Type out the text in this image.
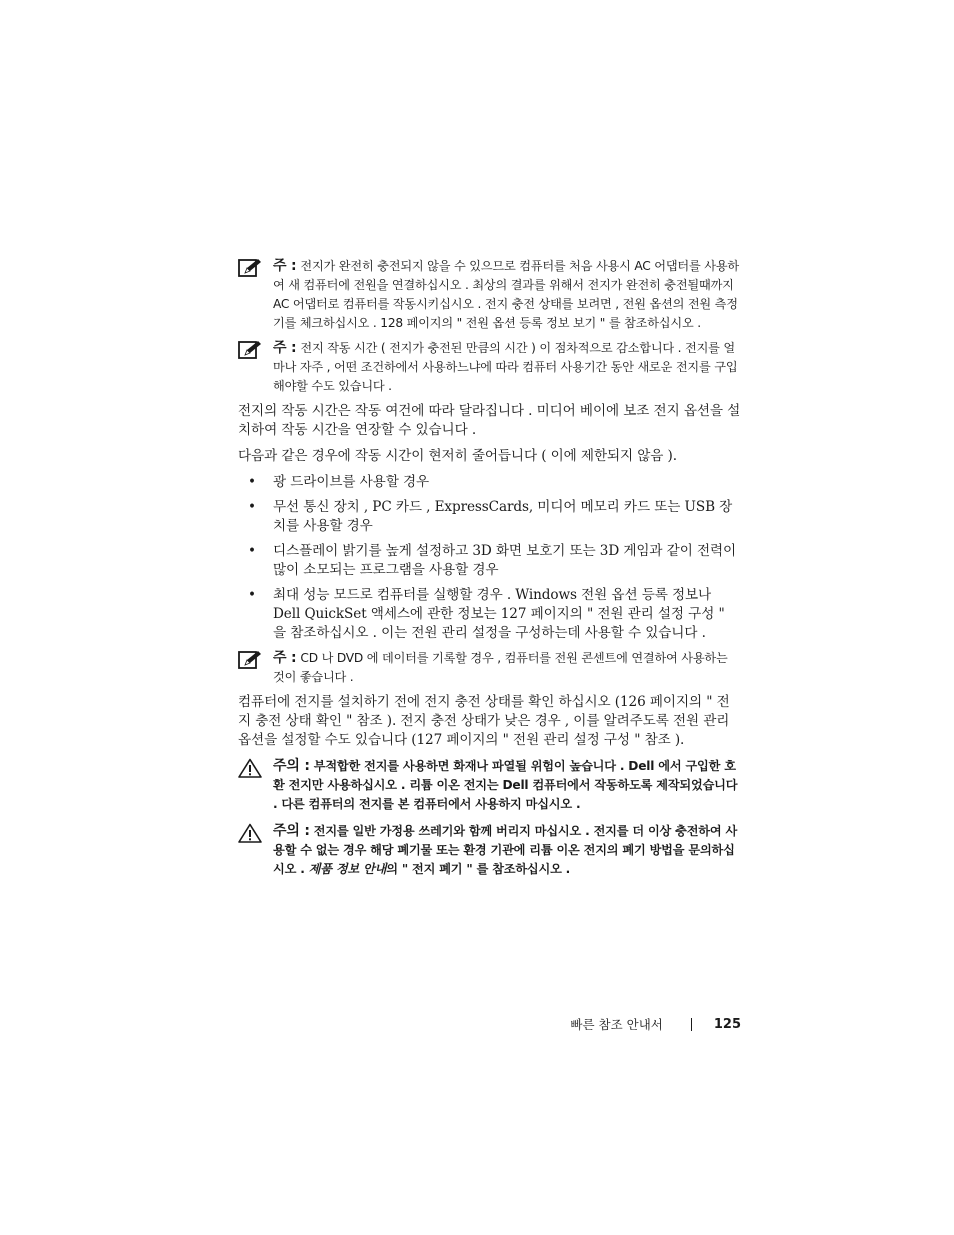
주 : 전지가 완전히 충전되지 않을 수 있으므로 컴퓨터를 처음 사용시 AC 어댑터를 사용하여 새 컴퓨터에 전원을 연결하십시오 . 최상의 결과를 위해서 전지가 완전히 충전될때까지 AC 어댑터로 컴퓨터를 작동시키십시오 . 전지 충전 상태를 보려면 , 전원 옵션의 전원 측정기를 체크하십시오 . 128 페이지의 " 전원 옵션 등록 정보 보기 " 를 참조하십시오 .

주 : 전지 작동 시간 ( 전지가 충전된 만큼의 시간 ) 이 점차적으로 감소합니다 . 전지를 얼마나 자주 , 어떤 조건하에서 사용하느냐에 따라 컴퓨터 사용기간 동안 새로운 전지를 구입해야할 수도 있습니다 .

전지의 작동 시간은 작동 여건에 따라 달라집니다 . 미디어 베이에 보조 전지 옵션을 설치하여 작동 시간을 연장할 수 있습니다 .

다음과 같은 경우에 작동 시간이 현저히 줄어듭니다 ( 이에 제한되지 않음 ).

• 광 드라이브를 사용할 경우
• 무선 통신 장치 , PC 카드 , ExpressCards, 미디어 메모리 카드 또는 USB 장치를 사용할 경우
• 디스플레이 밝기를 높게 설정하고 3D 화면 보호기 또는 3D 게임과 같이 전력이 많이 소모되는 프로그램을 사용할 경우
• 최대 성능 모드로 컴퓨터를 실행할 경우 . Windows 전원 옵션 등록 정보나 Dell QuickSet 액세스에 관한 정보는 127 페이지의 " 전원 관리 설정 구성 " 을 참조하십시오 . 이는 전원 관리 설정을 구성하는데 사용할 수 있습니다 .

주 : CD 나 DVD 에 데이터를 기록할 경우 , 컴퓨터를 전원 콘센트에 연결하여 사용하는 것이 좋습니다 .

컴퓨터에 전지를 설치하기 전에 전지 충전 상태를 확인 하십시오 (126 페이지의 " 전지 충전 상태 확인 " 참조 ). 전지 충전 상태가 낮은 경우 , 이를 알려주도록 전원 관리 옵션을 설정할 수도 있습니다 (127 페이지의 " 전원 관리 설정 구성 " 참조 ).

주의 : 부적합한 전지를 사용하면 화재나 파열될 위험이 높습니다 . Dell 에서 구입한 호환 전지만 사용하십시오 . 리튬 이온 전지는 Dell 컴퓨터에서 작동하도록 제작되었습니다 . 다른 컴퓨터의 전지를 본 컴퓨터에서 사용하지 마십시오 .

주의 : 전지를 일반 가정용 쓰레기와 함께 버리지 마십시오 . 전지를 더 이상 충전하여 사용할 수 없는 경우 해당 폐기물 또는 환경 기관에 리튬 이온 전지의 폐기 방법을 문의하십시오 . 제품 정보 안내의 " 전지 폐기 " 를 참조하십시오 .

빠른 참조 안내서	125
